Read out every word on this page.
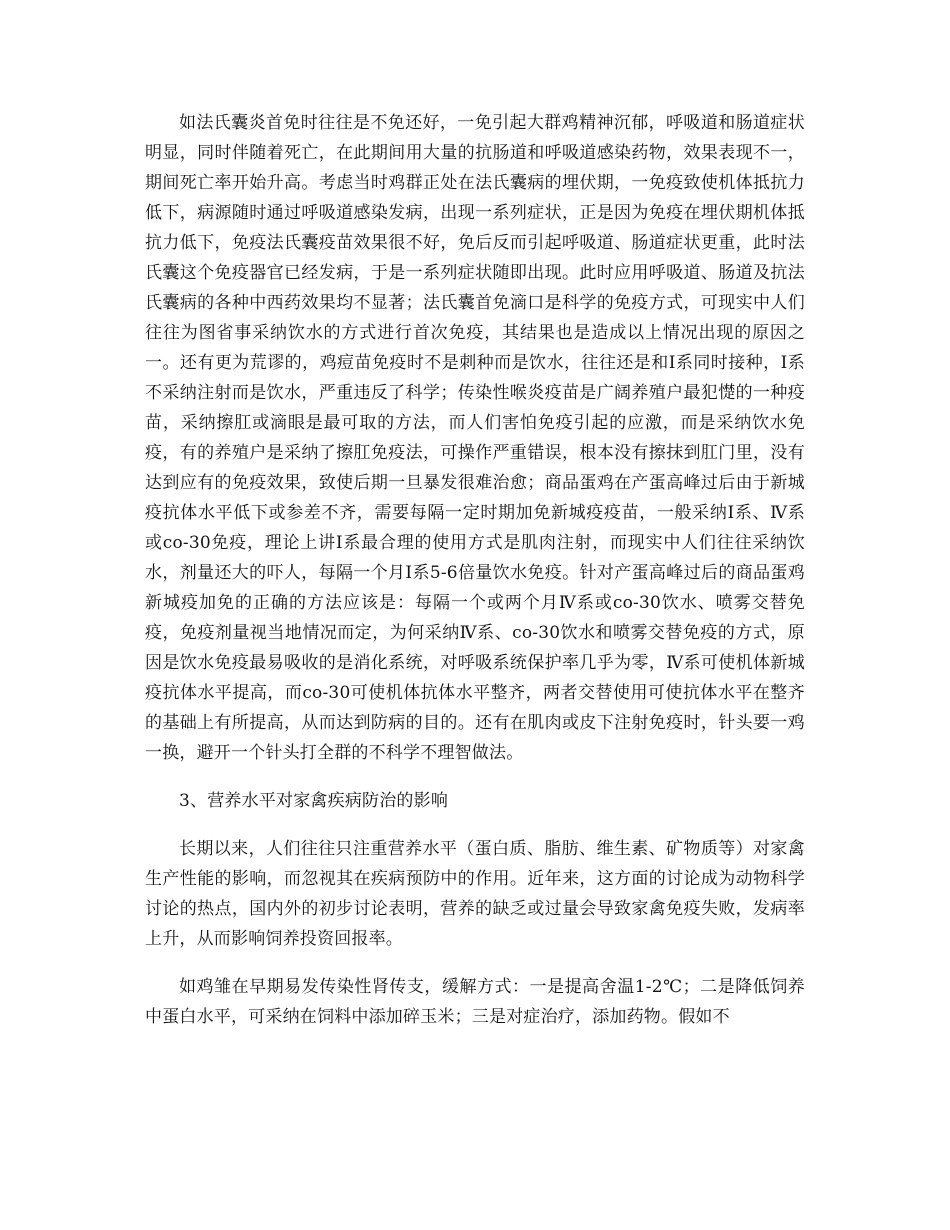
如法氏囊炎首免时往往是不免还好，一免引起大群鸡精神沉郁，呼吸道和肠道症状明显，同时伴随着死亡，在此期间用大量的抗肠道和呼吸道感染药物，效果表现不一，期间死亡率开始升高。考虑当时鸡群正处在法氏囊病的埋伏期，一免疫致使机体抵抗力低下，病源随时通过呼吸道感染发病，出现一系列症状，正是因为免疫在埋伏期机体抵抗力低下，免疫法氏囊疫苗效果很不好，免后反而引起呼吸道、肠道症状更重，此时法氏囊这个免疫器官已经发病，于是一系列症状随即出现。此时应用呼吸道、肠道及抗法氏囊病的各种中西药效果均不显著；法氏囊首免滴口是科学的免疫方式，可现实中人们往往为图省事采纳饮水的方式进行首次免疫，其结果也是造成以上情况出现的原因之一。还有更为荒谬的，鸡痘苗免疫时不是刺种而是饮水，往往还是和Ⅰ系同时接种，Ⅰ系不采纳注射而是饮水，严重违反了科学；传染性喉炎疫苗是广阔养殖户最犯憷的一种疫苗，采纳擦肛或滴眼是最可取的方法，而人们害怕免疫引起的应激，而是采纳饮水免疫，有的养殖户是采纳了擦肛免疫法，可操作严重错误，根本没有擦抹到肛门里，没有达到应有的免疫效果，致使后期一旦暴发很难治愈；商品蛋鸡在产蛋高峰过后由于新城疫抗体水平低下或参差不齐，需要每隔一定时期加免新城疫疫苗，一般采纳Ⅰ系、Ⅳ系或co-30免疫，理论上讲Ⅰ系最合理的使用方式是肌肉注射，而现实中人们往往采纳饮水，剂量还大的吓人，每隔一个月Ⅰ系5-6倍量饮水免疫。针对产蛋高峰过后的商品蛋鸡新城疫加免的正确的方法应该是：每隔一个或两个月Ⅳ系或co-30饮水、喷雾交替免疫，免疫剂量视当地情况而定，为何采纳Ⅳ系、co-30饮水和喷雾交替免疫的方式，原因是饮水免疫最易吸收的是消化系统，对呼吸系统保护率几乎为零，Ⅳ系可使机体新城疫抗体水平提高，而co-30可使机体抗体水平整齐，两者交替使用可使抗体水平在整齐的基础上有所提高，从而达到防病的目的。还有在肌肉或皮下注射免疫时，针头要一鸡一换，避开一个针头打全群的不科学不理智做法。

3、营养水平对家禽疾病防治的影响

长期以来，人们往往只注重营养水平（蛋白质、脂肪、维生素、矿物质等）对家禽生产性能的影响，而忽视其在疾病预防中的作用。近年来，这方面的讨论成为动物科学讨论的热点，国内外的初步讨论表明，营养的缺乏或过量会导致家禽免疫失败，发病率上升，从而影响饲养投资回报率。

如鸡雏在早期易发传染性肾传支，缓解方式：一是提高舍温1-2℃；二是降低饲养中蛋白水平，可采纳在饲料中添加碎玉米；三是对症治疗，添加药物。假如不
